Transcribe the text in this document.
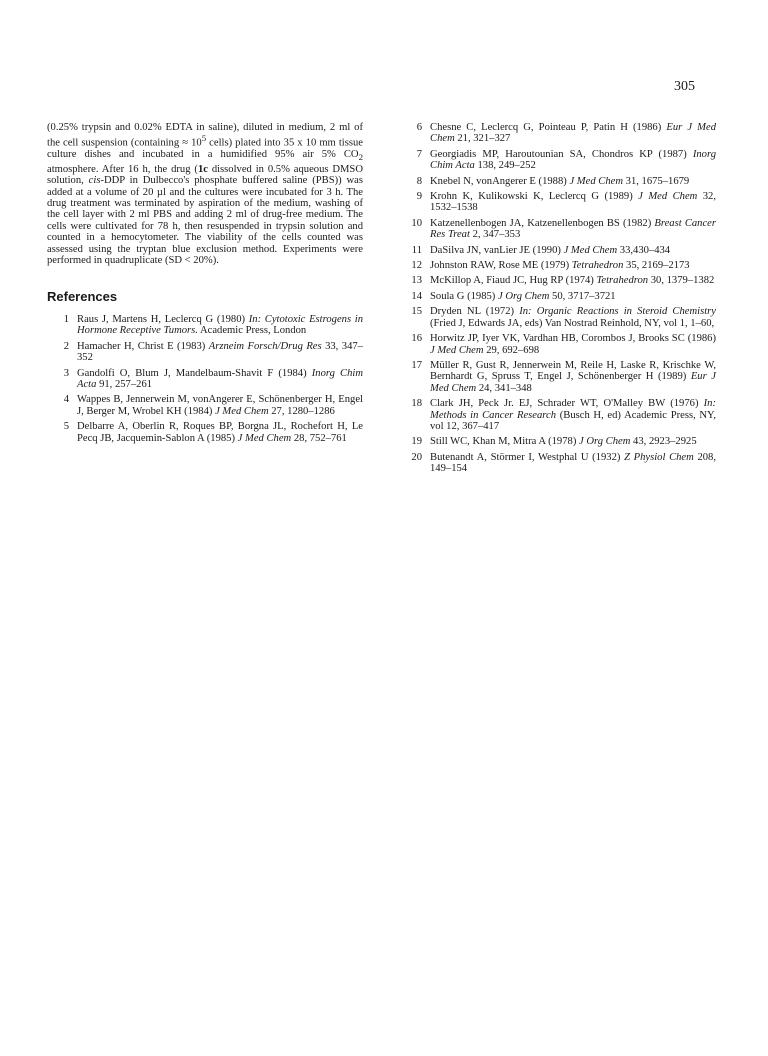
305

(0.25% trypsin and 0.02% EDTA in saline), diluted in medium, 2 ml of the cell suspension (containing ≈ $10^5$ cells) plated into 35 x 10 mm tissue culture dishes and incubated in a humidified 95% air 5% $CO_2$ atmosphere. After 16 h, the drug (1c dissolved in 0.5% aqueous DMSO solution, cis-DDP in Dulbecco's phosphate buffered saline (PBS)) was added at a volume of 20 µl and the cultures were incubated for 3 h. The drug treatment was terminated by aspiration of the medium, washing of the cell layer with 2 ml PBS and adding 2 ml of drug-free medium. The cells were cultivated for 78 h, then resuspended in trypsin solution and counted in a hemocytometer. The viability of the cells counted was assessed using the tryptan blue exclusion method. Experiments were performed in quadruplicate (SD < 20%).

References
1 Raus J, Martens H, Leclercq G (1980) In: Cytotoxic Estrogens in Hormone Receptive Tumors. Academic Press, London
2 Hamacher H, Christ E (1983) Arzneim Forsch/Drug Res 33, 347–352
3 Gandolfi O, Blum J, Mandelbaum-Shavit F (1984) Inorg Chim Acta 91, 257–261
4 Wappes B, Jennerwein M, vonAngerer E, Schönenberger H, Engel J, Berger M, Wrobel KH (1984) J Med Chem 27, 1280–1286
5 Delbarre A, Oberlin R, Roques BP, Borgna JL, Rochefort H, Le Pecq JB, Jacquemin-Sablon A (1985) J Med Chem 28, 752–761
6 Chesne C, Leclercq G, Pointeau P, Patin H (1986) Eur J Med Chem 21, 321–327
7 Georgiadis MP, Haroutounian SA, Chondros KP (1987) Inorg Chim Acta 138, 249–252
8 Knebel N, vonAngerer E (1988) J Med Chem 31, 1675–1679
9 Krohn K, Kulikowski K, Leclercq G (1989) J Med Chem 32, 1532–1538
10 Katzenellenbogen JA, Katzenellenbogen BS (1982) Breast Cancer Res Treat 2, 347–353
11 DaSilva JN, vanLier JE (1990) J Med Chem 33,430–434
12 Johnston RAW, Rose ME (1979) Tetrahedron 35, 2169–2173
13 McKillop A, Fiaud JC, Hug RP (1974) Tetrahedron 30, 1379–1382
14 Soula G (1985) J Org Chem 50, 3717–3721
15 Dryden NL (1972) In: Organic Reactions in Steroid Chemistry (Fried J, Edwards JA, eds) Van Nostrad Reinhold, NY, vol 1, 1–60,
16 Horwitz JP, Iyer VK, Vardhan HB, Corombos J, Brooks SC (1986) J Med Chem 29, 692–698
17 Müller R, Gust R, Jennerwein M, Reile H, Laske R, Krischke W, Bernhardt G, Spruss T, Engel J, Schönenberger H (1989) Eur J Med Chem 24, 341–348
18 Clark JH, Peck Jr. EJ, Schrader WT, O'Malley BW (1976) In: Methods in Cancer Research (Busch H, ed) Academic Press, NY, vol 12, 367–417
19 Still WC, Khan M, Mitra A (1978) J Org Chem 43, 2923–2925
20 Butenandt A, Störmer I, Westphal U (1932) Z Physiol Chem 208, 149–154
